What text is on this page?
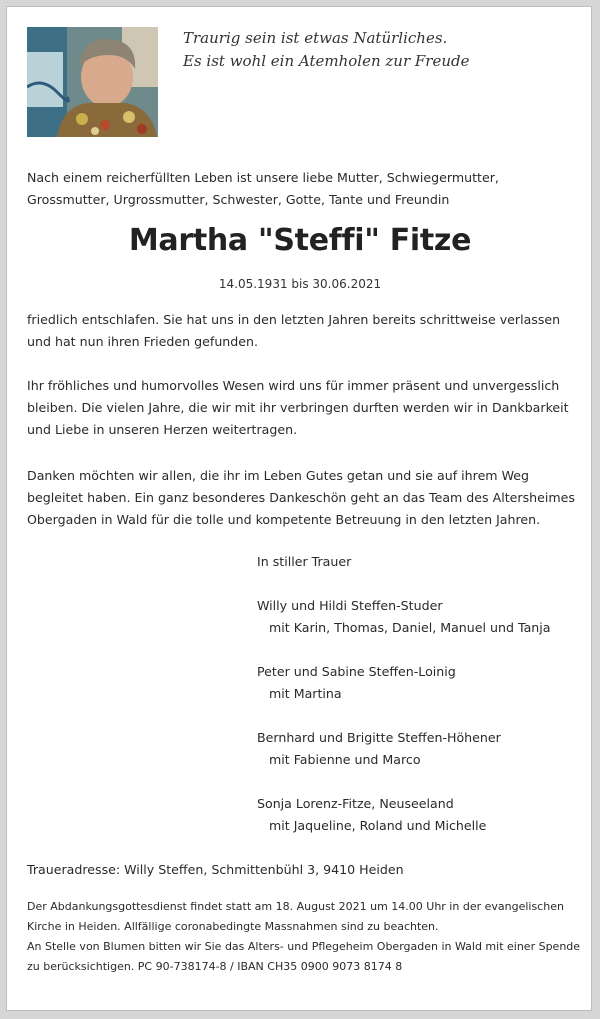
Traurig sein ist etwas Natürliches.
Es ist wohl ein Atemholen zur Freude
Nach einem reicherfüllten Leben ist unsere liebe Mutter, Schwiegermutter, Grossmutter, Urgrossmutter, Schwester, Gotte, Tante und Freundin
Martha "Steffi" Fitze
14.05.1931 bis 30.06.2021
friedlich entschlafen. Sie hat uns in den letzten Jahren bereits schrittweise verlassen und hat nun ihren Frieden gefunden.
Ihr fröhliches und humorvolles Wesen wird uns für immer präsent und unvergesslich bleiben. Die vielen Jahre, die wir mit ihr verbringen durften werden wir in Dankbarkeit und Liebe in unseren Herzen weitertragen.
Danken möchten wir allen, die ihr im Leben Gutes getan und sie auf ihrem Weg begleitet haben. Ein ganz besonderes Dankeschön geht an das Team des Altersheimes Obergaden in Wald für die tolle und kompetente Betreuung in den letzten Jahren.
In stiller Trauer
Willy und Hildi Steffen-Studer
mit Karin, Thomas, Daniel, Manuel und Tanja
Peter und Sabine Steffen-Loinig
mit Martina
Bernhard und Brigitte Steffen-Höhener
mit Fabienne und Marco
Sonja Lorenz-Fitze, Neuseeland
mit Jaqueline, Roland und Michelle
Traueradresse: Willy Steffen, Schmittenbühl 3, 9410 Heiden
Der Abdankungsgottesdienst findet statt am 18. August 2021 um 14.00 Uhr in der evangelischen Kirche in Heiden. Allfällige coronabedingte Massnahmen sind zu beachten.
An Stelle von Blumen bitten wir Sie das Alters- und Pflegeheim Obergaden in Wald mit einer Spende zu berücksichtigen. PC 90-738174-8 / IBAN CH35 0900 9073 8174 8
